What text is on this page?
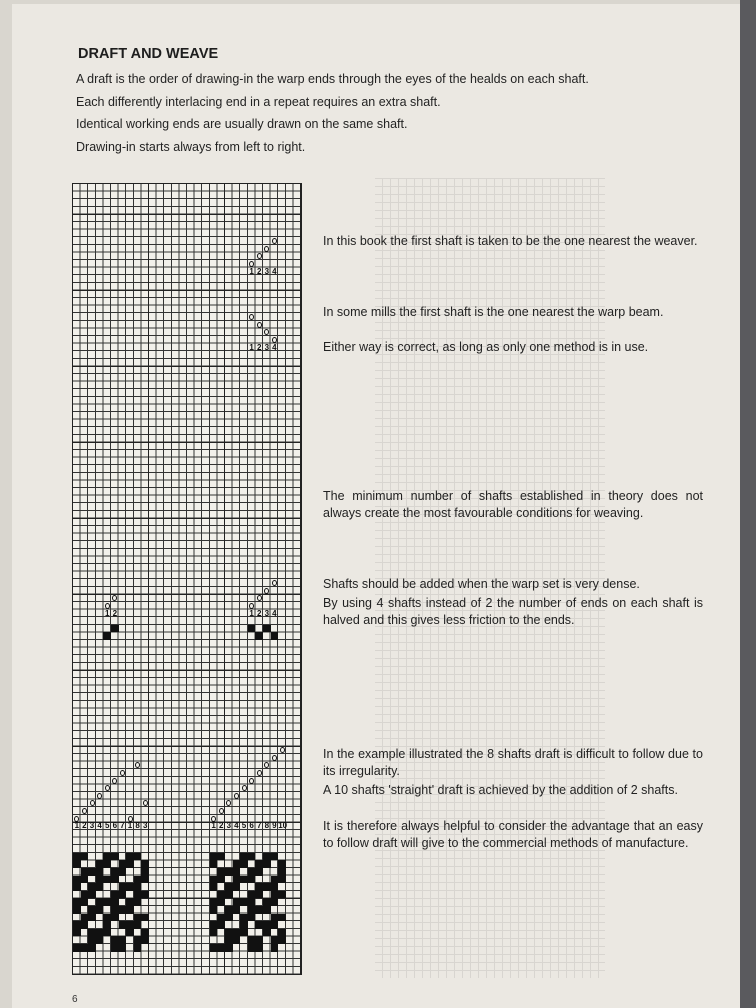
DRAFT AND WEAVE
A draft is the order of drawing-in the warp ends through the eyes of the healds on each shaft.
Each differently interlacing end in a repeat requires an extra shaft.
Identical working ends are usually drawn on the same shaft.
Drawing-in starts always from left to right.
1 2 3 4
1 2 3 4
1 2	1 2 3 4
1 2 3 4 5 6 7 1 8 3	1 2 3 4 5 6 7 8 9 10
In this book the first shaft is taken to be the one nearest the weaver.
In some mills the first shaft is the one nearest the warp beam.
Either way is correct, as long as only one method is in use.
The minimum number of shafts established in theory does not always create the most favourable conditions for weaving.
Shafts should be added when the warp set is very dense.
By using 4 shafts instead of 2 the number of ends on each shaft is halved and this gives less friction to the ends.
In the example illustrated the 8 shafts draft is difficult to follow due to its irregularity.
A 10 shafts 'straight' draft is achieved by the addition of 2 shafts.
It is therefore always helpful to consider the advantage that an easy to follow draft will give to the commercial methods of manufacture.
6
